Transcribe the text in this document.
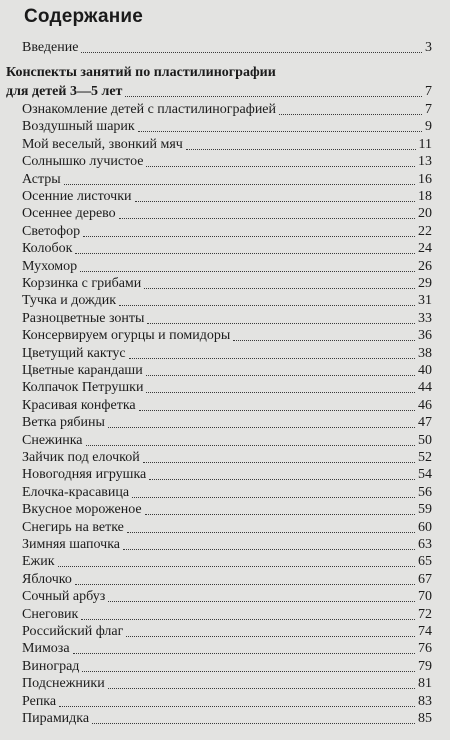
Содержание
Введение	3
Конспекты занятий по пластилинографии
для детей 3—5 лет	7
Ознакомление детей с пластилинографией	7
Воздушный шарик	9
Мой веселый, звонкий мяч	11
Солнышко лучистое	13
Астры	16
Осенние листочки	18
Осеннее дерево	20
Светофор	22
Колобок	24
Мухомор	26
Корзинка с грибами	29
Тучка и дождик	31
Разноцветные зонты	33
Консервируем огурцы и помидоры	36
Цветущий кактус	38
Цветные карандаши	40
Колпачок Петрушки	44
Красивая конфетка	46
Ветка рябины	47
Снежинка	50
Зайчик под елочкой	52
Новогодняя игрушка	54
Елочка-красавица	56
Вкусное мороженое	59
Снегирь на ветке	60
Зимняя шапочка	63
Ежик	65
Яблочко	67
Сочный арбуз	70
Снеговик	72
Российский флаг	74
Мимоза	76
Виноград	79
Подснежники	81
Репка	83
Пирамидка	85
